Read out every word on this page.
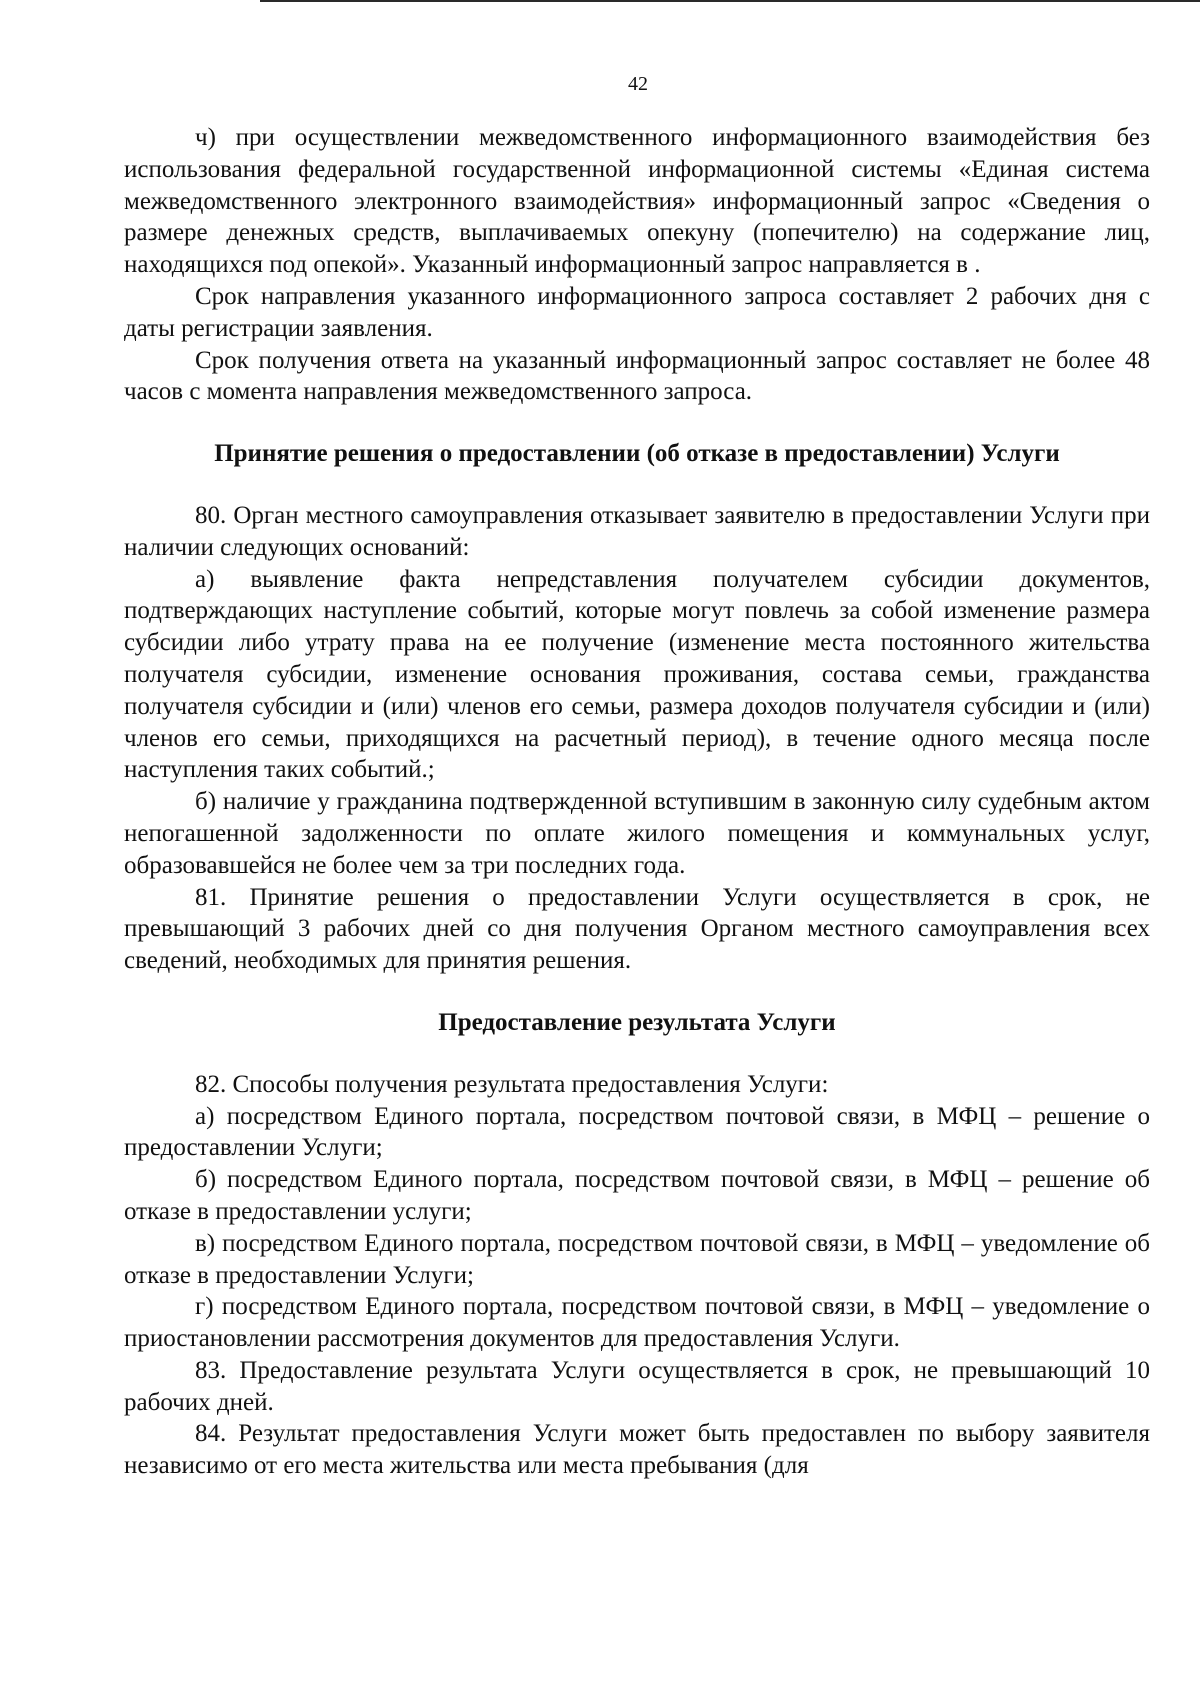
42

ч) при осуществлении межведомственного информационного взаимодействия без использования федеральной государственной информационной системы «Единая система межведомственного электронного взаимодействия» информационный запрос «Сведения о размере денежных средств, выплачиваемых опекуну (попечителю) на содержание лиц, находящихся под опекой». Указанный информационный запрос направляется в .

Срок направления указанного информационного запроса составляет 2 рабочих дня с даты регистрации заявления.

Срок получения ответа на указанный информационный запрос составляет не более 48 часов с момента направления межведомственного запроса.

Принятие решения о предоставлении (об отказе в предоставлении) Услуги

80. Орган местного самоуправления отказывает заявителю в предоставлении Услуги при наличии следующих оснований:

а) выявление факта непредставления получателем субсидии документов, подтверждающих наступление событий, которые могут повлечь за собой изменение размера субсидии либо утрату права на ее получение (изменение места постоянного жительства получателя субсидии, изменение основания проживания, состава семьи, гражданства получателя субсидии и (или) членов его семьи, размера доходов получателя субсидии и (или) членов его семьи, приходящихся на расчетный период), в течение одного месяца после наступления таких событий.;

б) наличие у гражданина подтвержденной вступившим в законную силу судебным актом непогашенной задолженности по оплате жилого помещения и коммунальных услуг, образовавшейся не более чем за три последних года.

81. Принятие решения о предоставлении Услуги осуществляется в срок, не превышающий 3 рабочих дней со дня получения Органом местного самоуправления всех сведений, необходимых для принятия решения.

Предоставление результата Услуги

82. Способы получения результата предоставления Услуги:

а) посредством Единого портала, посредством почтовой связи, в МФЦ – решение о предоставлении Услуги;

б) посредством Единого портала, посредством почтовой связи, в МФЦ – решение об отказе в предоставлении услуги;

в) посредством Единого портала, посредством почтовой связи, в МФЦ – уведомление об отказе в предоставлении Услуги;

г) посредством Единого портала, посредством почтовой связи, в МФЦ – уведомление о приостановлении рассмотрения документов для предоставления Услуги.

83. Предоставление результата Услуги осуществляется в срок, не превышающий 10 рабочих дней.

84. Результат предоставления Услуги может быть предоставлен по выбору заявителя независимо от его места жительства или места пребывания (для
